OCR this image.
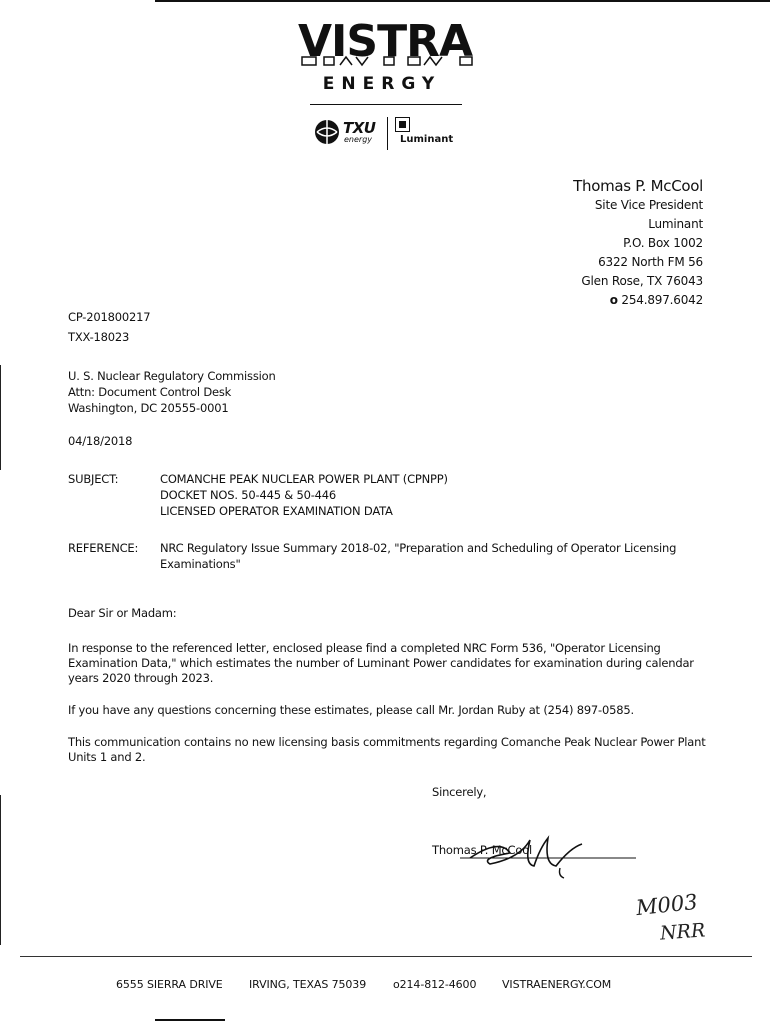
VISTRA
ENERGY
TXU
energy	Luminant
Thomas P. McCool
Site Vice President
Luminant
P.O. Box 1002
6322 North FM 56
Glen Rose, TX 76043
o 254.897.6042
CP-201800217
TXX-18023
U. S. Nuclear Regulatory Commission
Attn: Document Control Desk
Washington, DC 20555-0001
04/18/2018
SUBJECT:	COMANCHE PEAK NUCLEAR POWER PLANT (CPNPP)
DOCKET NOS. 50-445 & 50-446
LICENSED OPERATOR EXAMINATION DATA
REFERENCE: NRC Regulatory Issue Summary 2018-02, "Preparation and Scheduling of Operator Licensing
Examinations"
Dear Sir or Madam:
In response to the referenced letter, enclosed please find a completed NRC Form 536, "Operator Licensing
Examination Data," which estimates the number of Luminant Power candidates for examination during calendar
years 2020 through 2023.
If you have any questions concerning these estimates, please call Mr. Jordan Ruby at (254) 897-0585.
This communication contains no new licensing basis commitments regarding Comanche Peak Nuclear Power Plant
Units 1 and 2.
Sincerely,
Thomas P. McCool
M003
NRR
6555 SIERRA DRIVE IRVING, TEXAS 75039 o214-812-4600 VISTRAENERGY.COM
